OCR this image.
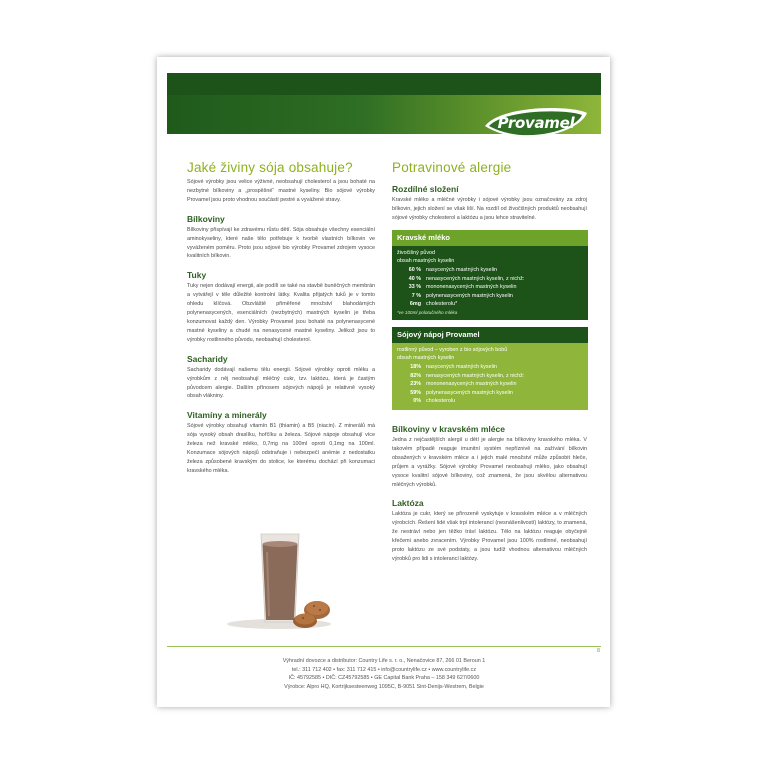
Provamel
Jaké živiny sója obsahuje?

Sójové výrobky jsou velice výživné, neobsahují cholesterol a jsou bohaté na nezbytné bílkoviny a „prospěšné“ mastné kyseliny. Bio sójové výrobky Provamel jsou proto vhodnou součástí pestré a vyvážené stravy.

Bílkoviny

Bílkoviny přispívají ke zdravému růstu dětí. Sója obsahuje všechny esenciální aminokyseliny, které naše tělo potřebuje k tvorbě vlastních bílkovin ve vyváženém poměru. Proto jsou sójové bio výrobky Provamel zdrojem vysoce kvalitních bílkovin.

Tuky

Tuky nejen dodávají energii, ale podílí se také na stavbě buněčných membrán a vytvářejí v těle důležité kontrolní látky. Kvalita přijatých tuků je v tomto ohledu klíčová. Obzvláště přiměřené množství blahodárných polynenasycených, esenciálních (nezbytných) mastných kyselin je třeba konzumovat každý den. Výrobky Provamel jsou bohaté na polynenasycené mastné kyseliny a chudé na nenasycené mastné kyseliny. Jelikož jsou to výrobky rostlinného původu, neobsahují cholesterol.

Sacharidy

Sacharidy dodávají našemu tělu energii. Sójové výrobky oproti mléku a výrobkům z něj neobsahují mléčný cukr, tzv. laktózu, která je častým původcem alergie. Dalším přínosem sójových nápojů je relativně vysoký obsah vlákniny.

Vitamíny a minerály

Sójové výrobky obsahují vitamín B1 (thiamin) a B5 (niacin). Z minerálů má sója vysoký obsah draslíku, hořčíku a železa. Sójové nápoje obsahují více železa než kravské mléko, 0,7mg na 100ml oproti 0,1mg na 100ml. Konzumace sójových nápojů odstraňuje i nebezpečí anémie z nedostatku železa způsobené kravským do stolice, ke kterému dochází při konzumaci kravského mléka.

Potravinové alergie
Rozdílné složení

Kravské mléko a mléčné výrobky i sójové výrobky jsou označovány za zdroj bílkovin, jejich složení se však liší. Na rozdíl od živočišných produktů neobsahují sójové výrobky cholesterol a laktózu a jsou lehce stravitelné.

Kravské mléko
živočišný původ
obsah mastných kyselin
60 % nasycených mastných kyselin
40 % nenasycených mastných kyselin, z nichž:
33 % mononenasycených mastných kyselin
7 % polynenasycených mastných kyselin
6mg cholesterolu*
*ve 100ml polotučného mléka
Sójový nápoj Provamel
rostlinný původ – vyroben z bio sójových bobů
obsah mastných kyselin
18% nasycených mastných kyselin
82% nenasycených mastných kyselin, z nichž:
23% mononenasycených mastných kyselin
59% polynenasycených mastných kyselin
0% cholesterolu
Bílkoviny v kravském mléce

Jedna z nejčastějších alergií u dětí je alergie na bílkoviny kravského mléka. V takovém případě reaguje imunitní systém nepříznivě na zažívání bílkovin obsažených v kravském mléce a i jejich malé množství může způsobit hleče, průjem a vyrážky. Sójové výrobky Provamel neobsahují mléko, jako obsahují vysoce kvalitní sójové bílkoviny, což znamená, že jsou skvělou alternativou mléčných výrobků.

Laktóza

Laktóza je cukr, který se přirozeně vyskytuje v kravském mléce a v mléčných výrobcích. Řešení lidé však trpí intolerancí (nesnášenlivostí) laktózy, to znamená, že nestráví nebo jen těžko tráví laktózu. Tělo na laktózu reaguje obyčejně křečemi anebo zvracením. Výrobky Provamel jsou 100% rostlinné, neobsahují proto laktózu ze své podstaty, a jsou tudíž vhodnou alternativou mléčných výrobků pro lidi s intolerancí laktózy.

8
Výhradní dovozce a distributor: Country Life s. r. o., Nenačovice 87, 266 01 Beroun 1
tel.: 311 712 402 • fax: 311 712 415 • info@countrylife.cz • www.countrylife.cz
IČ: 45792585 • DIČ: CZ45792585 • GE Capital Bank Praha – 158 349 627/0600
Výrobce: Alpro HQ, Kortrijksesteenweg 1095C, B-9051 Sint-Denijs-Westrem, Belgie
